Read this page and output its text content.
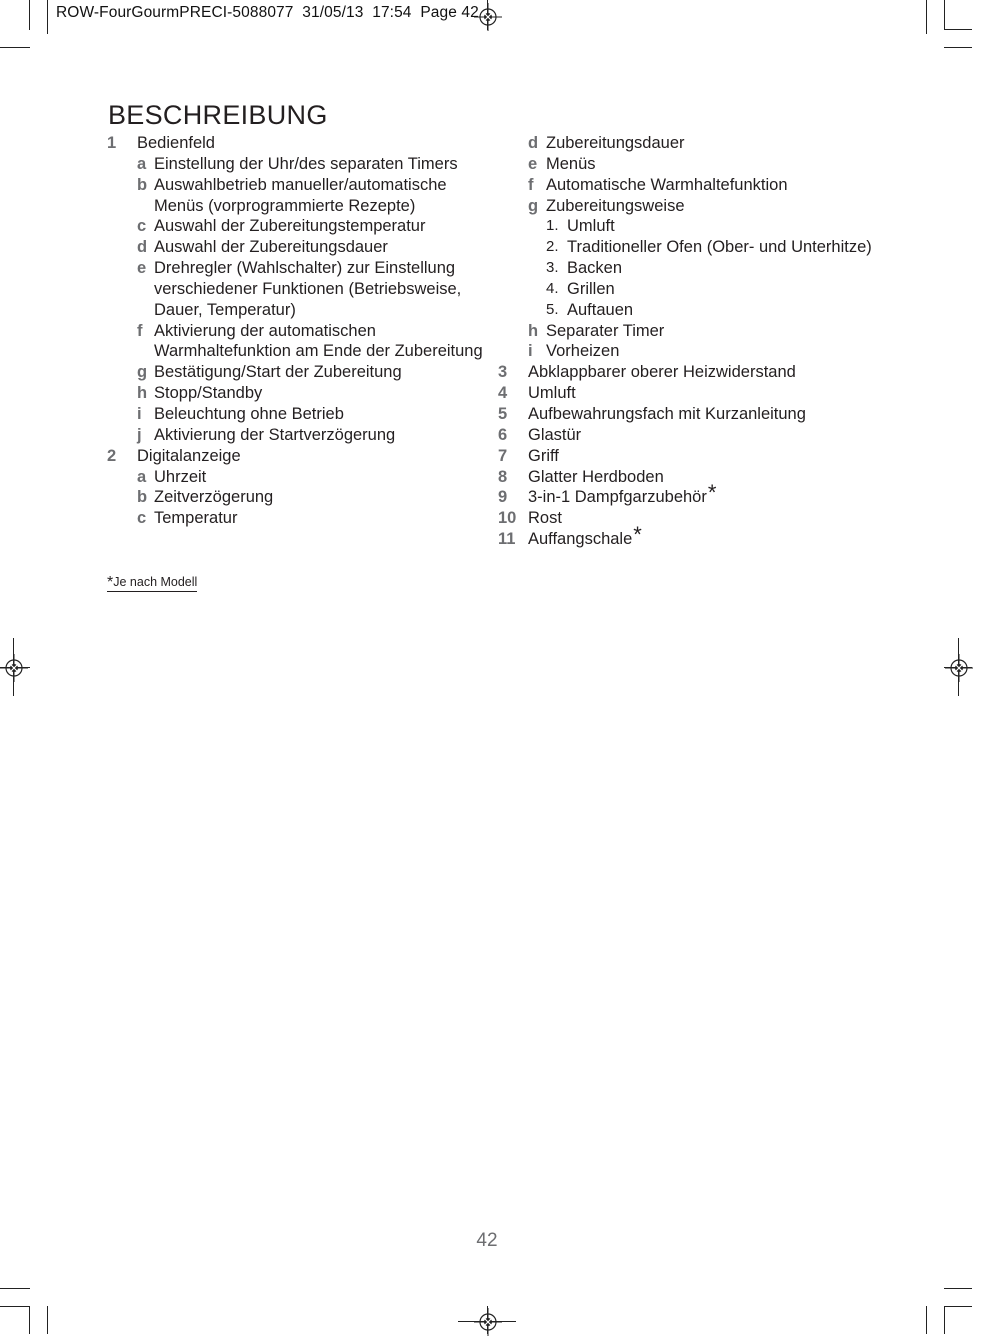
ROW-FourGourmPRECI-5088077  31/05/13  17:54  Page 42
BESCHREIBUNG
1 Bedienfeld
a Einstellung der Uhr/des separaten Timers
b Auswahlbetrieb manueller/automatische Menüs (vorprogrammierte Rezepte)
c Auswahl der Zubereitungstemperatur
d Auswahl der Zubereitungsdauer
e Drehregler (Wahlschalter) zur Einstellung verschiedener Funktionen (Betriebsweise, Dauer, Temperatur)
f Aktivierung der automatischen Warmhaltefunktion am Ende der Zubereitung
g Bestätigung/Start der Zubereitung
h Stopp/Standby
i Beleuchtung ohne Betrieb
j Aktivierung der Startverzögerung
2 Digitalanzeige
a Uhrzeit
b Zeitverzögerung
c Temperatur
d Zubereitungsdauer
e Menüs
f Automatische Warmhaltefunktion
g Zubereitungsweise
1. Umluft
2. Traditioneller Ofen (Ober- und Unterhitze)
3. Backen
4. Grillen
5. Auftauen
h Separater Timer
i Vorheizen
3 Abklappbarer oberer Heizwiderstand
4 Umluft
5 Aufbewahrungsfach mit Kurzanleitung
6 Glastür
7 Griff
8 Glatter Herdboden
9 3-in-1 Dampfgarzubehör*
10 Rost
11 Auffangschale*
*Je nach Modell
42
